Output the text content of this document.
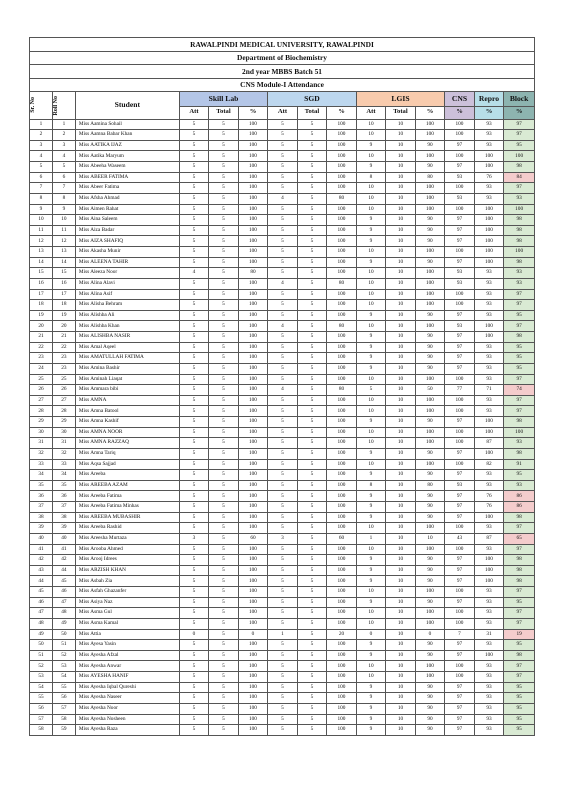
RAWALPINDI MEDICAL UNIVERSITY, RAWALPINDI														
Department of Biochemistry														
2nd year MBBS Batch 51														
CNS Module-I Attendance														

Sr. No	Roll No	Student	Skill Lab			SGD			LGIS			CNS	Repro	Block
			Att	Total	%	Att	Total	%	Att	Total	%	%	%	%
1	1	Miss Aamina Sohail	5	5	100	5	5	100	10	10	100	100	93	97
2	2	Miss Aamna Babar Khan	5	5	100	5	5	100	10	10	100	100	93	97
3	3	Miss AATIKA IJAZ	5	5	100	5	5	100	9	10	90	97	93	95
4	4	Miss Aatika Maryum	5	5	100	5	5	100	10	10	100	100	100	100
5	5	Miss Abeeha Waseem	5	5	100	5	5	100	9	10	90	97	100	98
6	6	Miss ABEER FATIMA	5	5	100	5	5	100	8	10	80	93	76	84
7	7	Miss Abeer Fatima	5	5	100	5	5	100	10	10	100	100	93	97
8	8	Miss Afsha Ahmad	5	5	100	4	5	80	10	10	100	93	93	93
9	9	Miss Aimen Rahat	5	5	100	5	5	100	10	10	100	100	100	100
10	10	Miss Aina Saleem	5	5	100	5	5	100	9	10	90	97	100	98
11	11	Miss Aiza Badar	5	5	100	5	5	100	9	10	90	97	100	98
12	12	Miss AIZA SHAFIQ	5	5	100	5	5	100	9	10	90	97	100	98
13	13	Miss Akasha Munir	5	5	100	5	5	100	10	10	100	100	100	100
14	14	Miss ALEENA TAHIR	5	5	100	5	5	100	9	10	90	97	100	98
15	15	Miss Aleeza Noor	4	5	80	5	5	100	10	10	100	93	93	93
16	16	Miss Alina Alavi	5	5	100	4	5	80	10	10	100	93	93	93
17	17	Miss Alina Asif	5	5	100	5	5	100	10	10	100	100	93	97
18	18	Miss Alisha Behram	5	5	100	5	5	100	10	10	100	100	93	97
19	19	Miss Alishba Ali	5	5	100	5	5	100	9	10	90	97	93	95
20	20	Miss Alishba Khan	5	5	100	4	5	80	10	10	100	93	100	97
21	21	Miss ALISHBA NASIR	5	5	100	5	5	100	9	10	90	97	100	98
22	22	Miss Amal Aqeel	5	5	100	5	5	100	9	10	90	97	93	95
23	23	Miss AMATULLAH FATIMA	5	5	100	5	5	100	9	10	90	97	93	95
24	23	Miss Amina Bashir	5	5	100	5	5	100	9	10	90	97	93	95
25	25	Miss Aminah Liaqat	5	5	100	5	5	100	10	10	100	100	93	97
26	26	Miss Ammara bibi	5	5	100	4	5	80	5	10	50	77	71	74
27	27	Miss AMNA	5	5	100	5	5	100	10	10	100	100	93	97
28	28	Miss Amna Batool	5	5	100	5	5	100	10	10	100	100	93	97
29	29	Miss Amna Kashif	5	5	100	5	5	100	9	10	90	97	100	98
30	30	Miss AMNA NOOR	5	5	100	5	5	100	10	10	100	100	100	100
31	31	Miss AMNA RAZZAQ	5	5	100	5	5	100	10	10	100	100	87	93
32	32	Miss Amna Tariq	5	5	100	5	5	100	9	10	90	97	100	98
33	33	Miss Aqsa Sajjad	5	5	100	5	5	100	10	10	100	100	82	91
34	34	Miss Areeba	5	5	100	5	5	100	9	10	90	97	93	95
35	35	Miss AREEBA AZAM	5	5	100	5	5	100	8	10	80	93	93	93
36	36	Miss Areeba Fatima	5	5	100	5	5	100	9	10	90	97	76	86
37	37	Miss Areeba Fatima Minhas	5	5	100	5	5	100	9	10	90	97	76	86
38	38	Miss AREEBA MUBASHIR	5	5	100	5	5	100	9	10	90	97	100	98
39	39	Miss Areeba Rashid	5	5	100	5	5	100	10	10	100	100	93	97
40	40	Miss Areesha Murtaza	3	5	60	3	5	60	1	10	10	43	87	65
41	41	Miss Arooba Ahmed	5	5	100	5	5	100	10	10	100	100	93	97
42	42	Miss Arooj Idrees	5	5	100	5	5	100	9	10	90	97	100	98
43	44	Miss ARZISH KHAN	5	5	100	5	5	100	9	10	90	97	100	98
44	45	Miss Asbah Zia	5	5	100	5	5	100	9	10	90	97	100	98
45	46	Miss Asfah Ghazanfer	5	5	100	5	5	100	10	10	100	100	93	97
46	47	Miss Asiya Naz	5	5	100	5	5	100	9	10	90	97	93	95
47	48	Miss Asma Gul	5	5	100	5	5	100	10	10	100	100	93	97
48	49	Miss Asma Kamal	5	5	100	5	5	100	10	10	100	100	93	97
49	50	Miss Attia	0	5	0	1	5	20	0	10	0	7	31	19
50	51	Miss Ayesa Yasin	5	5	100	5	5	100	9	10	90	97	93	95
51	52	Miss Ayesha Afzal	5	5	100	5	5	100	9	10	90	97	100	98
52	53	Miss Ayesha Anwar	5	5	100	5	5	100	10	10	100	100	93	97
53	54	Miss AYESHA HANIF	5	5	100	5	5	100	10	10	100	100	93	97
54	55	Miss Ayesha Iqbal Qureshi	5	5	100	5	5	100	9	10	90	97	93	95
55	56	Miss Ayesha Naseer	5	5	100	5	5	100	9	10	90	97	93	95
56	57	Miss Ayesha Noor	5	5	100	5	5	100	9	10	90	97	93	95
57	58	Miss Ayesha Nosheen	5	5	100	5	5	100	9	10	90	97	93	95
58	59	Miss Ayesha Raza	5	5	100	5	5	100	9	10	90	97	93	95
